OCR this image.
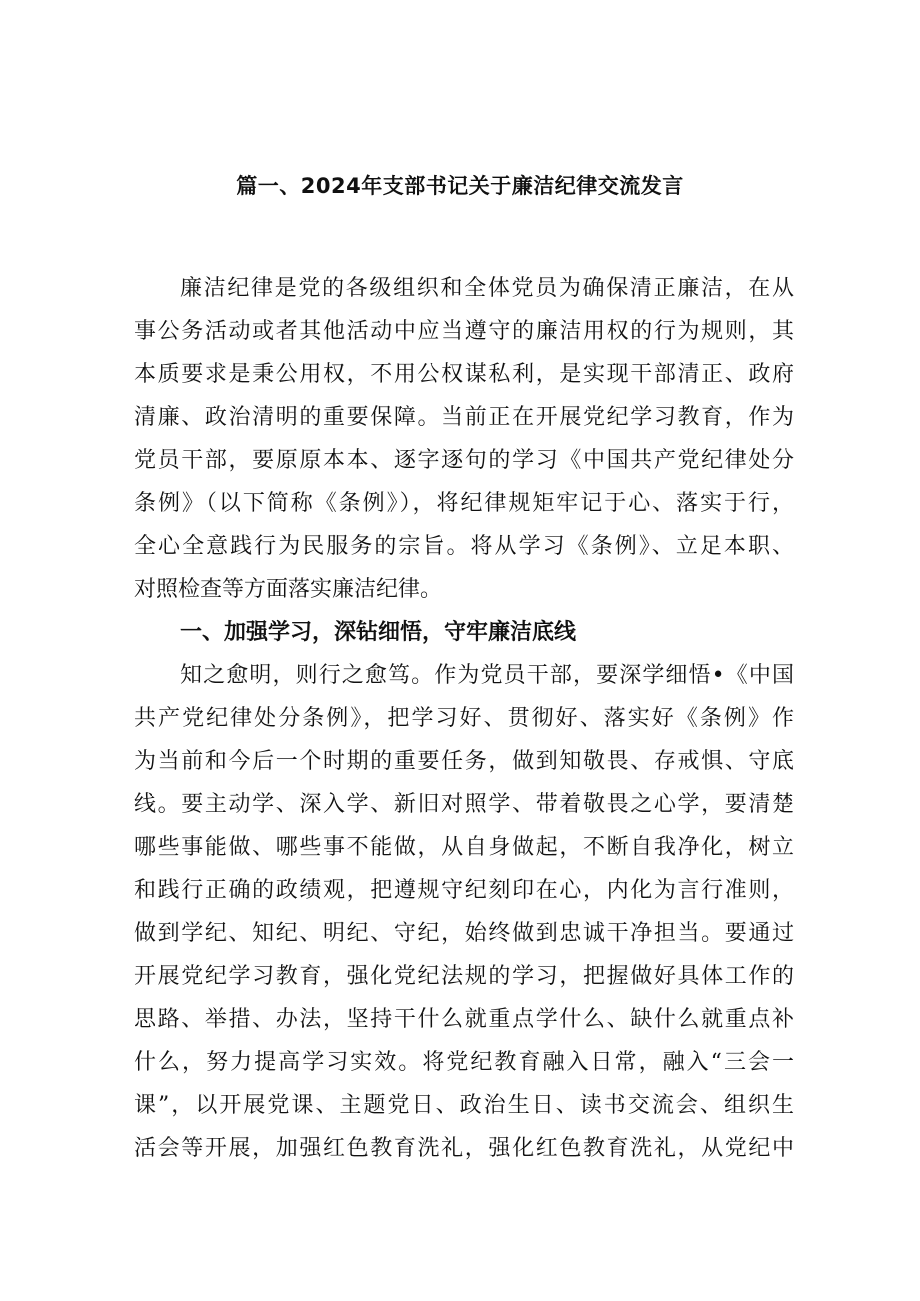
篇一、2024年支部书记关于廉洁纪律交流发言
廉洁纪律是党的各级组织和全体党员为确保清正廉洁，在从
事公务活动或者其他活动中应当遵守的廉洁用权的行为规则，其
本质要求是秉公用权，不用公权谋私利，是实现干部清正、政府
清廉、政治清明的重要保障。当前正在开展党纪学习教育，作为
党员干部，要原原本本、逐字逐句的学习《中国共产党纪律处分
条例》（以下简称《条例》），将纪律规矩牢记于心、落实于行，
全心全意践行为民服务的宗旨。将从学习《条例》、立足本职、
对照检查等方面落实廉洁纪律。
一、加强学习，深钻细悟，守牢廉洁底线
知之愈明，则行之愈笃。作为党员干部，要深学细悟•《中国
共产党纪律处分条例》，把学习好、贯彻好、落实好《条例》作
为当前和今后一个时期的重要任务，做到知敬畏、存戒惧、守底
线。要主动学、深入学、新旧对照学、带着敬畏之心学，要清楚
哪些事能做、哪些事不能做，从自身做起，不断自我净化，树立
和践行正确的政绩观，把遵规守纪刻印在心，内化为言行准则，
做到学纪、知纪、明纪、守纪，始终做到忠诚干净担当。要通过
开展党纪学习教育，强化党纪法规的学习，把握做好具体工作的
思路、举措、办法，坚持干什么就重点学什么、缺什么就重点补
什么，努力提高学习实效。将党纪教育融入日常，融入“三会一
课”，以开展党课、主题党日、政治生日、读书交流会、组织生
活会等开展，加强红色教育洗礼，强化红色教育洗礼，从党纪中
